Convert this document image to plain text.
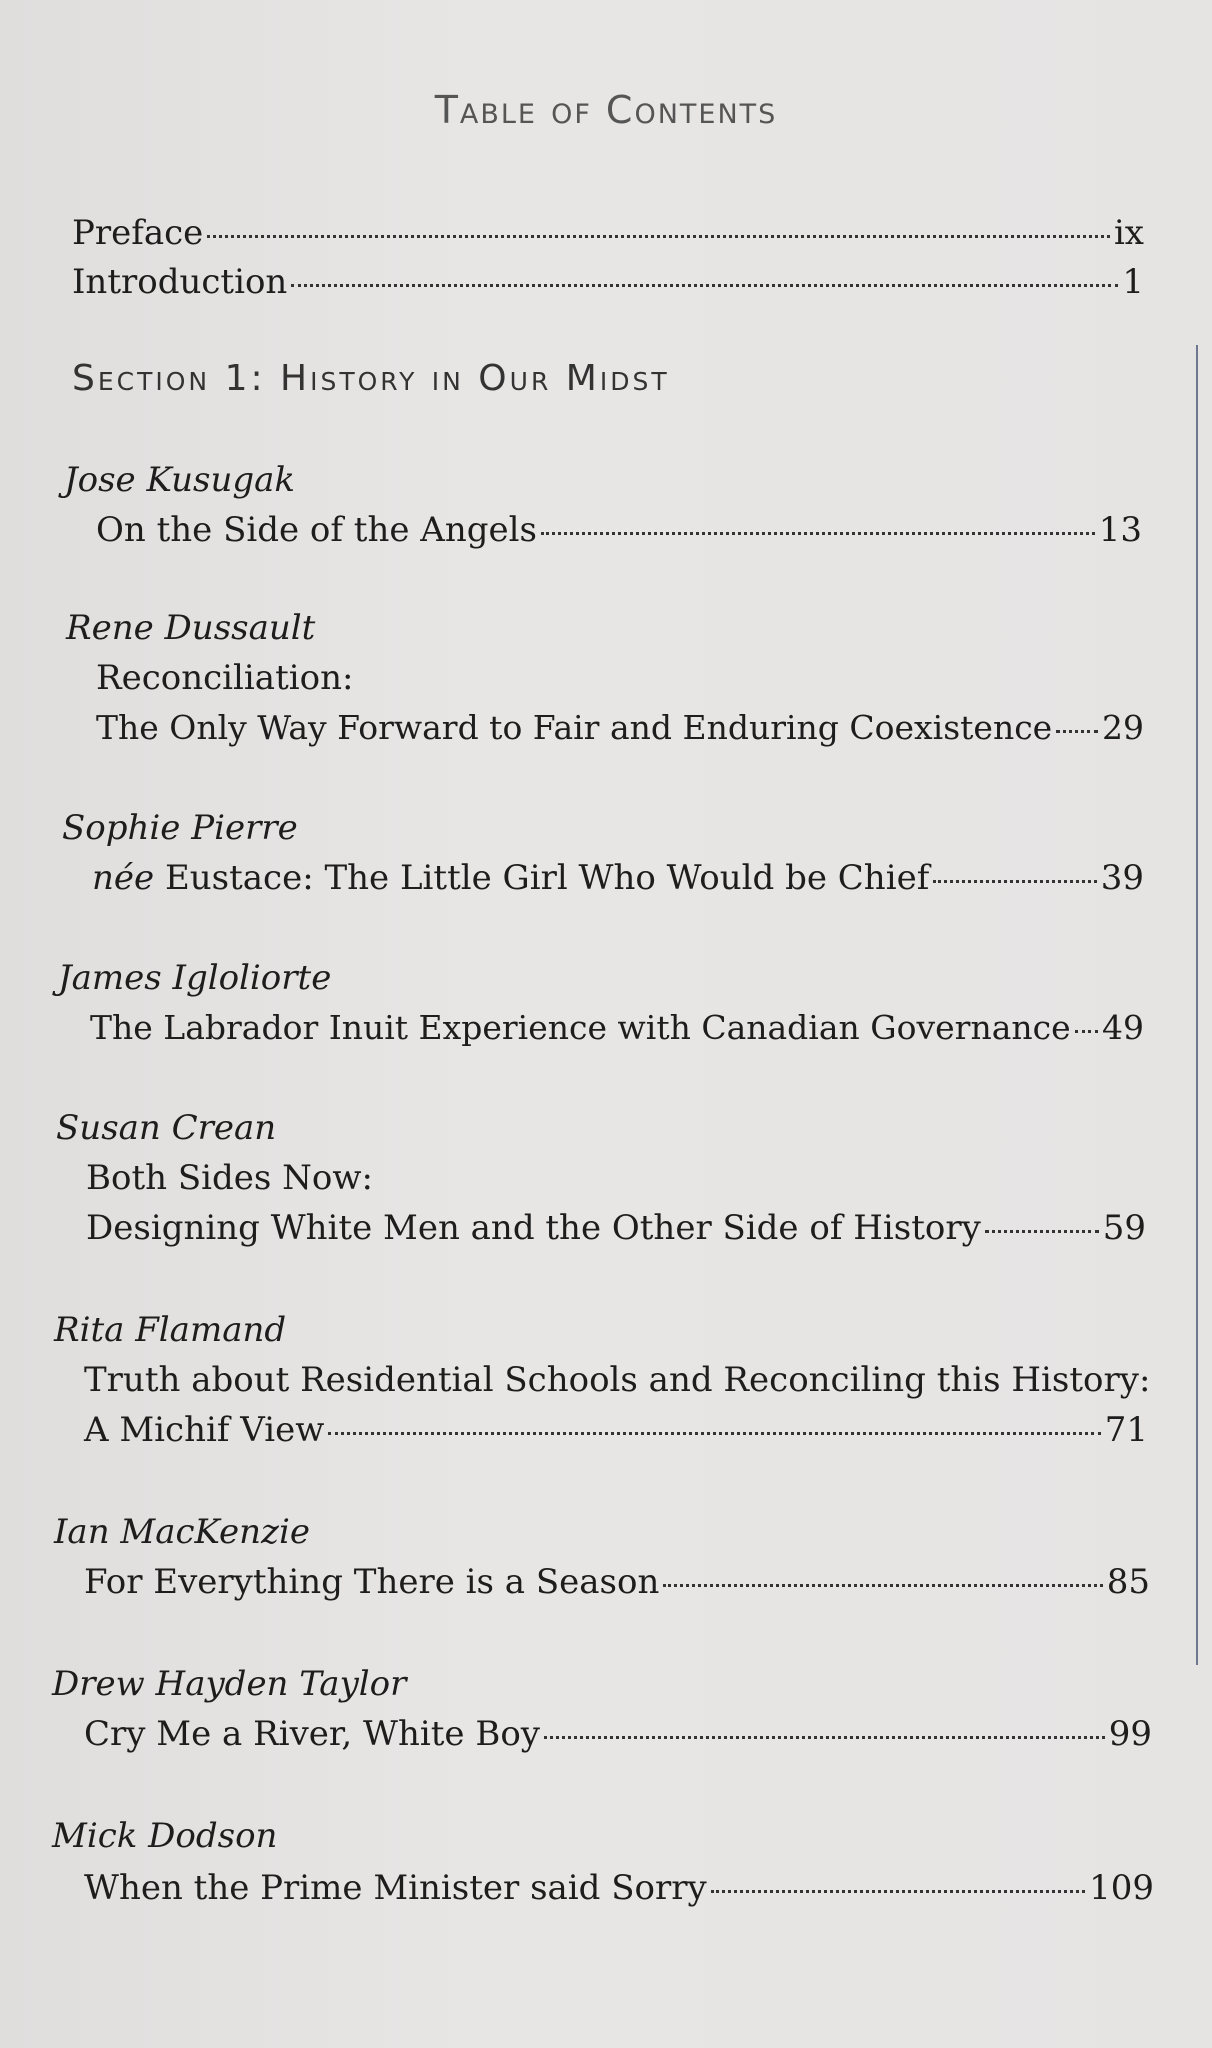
Table of Contents
Preface	ix
Introduction	1
Section 1: History in Our Midst
Jose Kusugak
On the Side of the Angels	13
Rene Dussault
Reconciliation:
The Only Way Forward to Fair and Enduring Coexistence 29
Sophie Pierre
née Eustace: The Little Girl Who Would be Chief	39
James Igloliorte
The Labrador Inuit Experience with Canadian Governance 49
Susan Crean
Both Sides Now:
Designing White Men and the Other Side of History	59
Rita Flamand
Truth about Residential Schools and Reconciling this History:
A Michif View	71
Ian MacKenzie
For Everything There is a Season	85
Drew Hayden Taylor
Cry Me a River, White Boy	99
Mick Dodson
When the Prime Minister said Sorry	109
